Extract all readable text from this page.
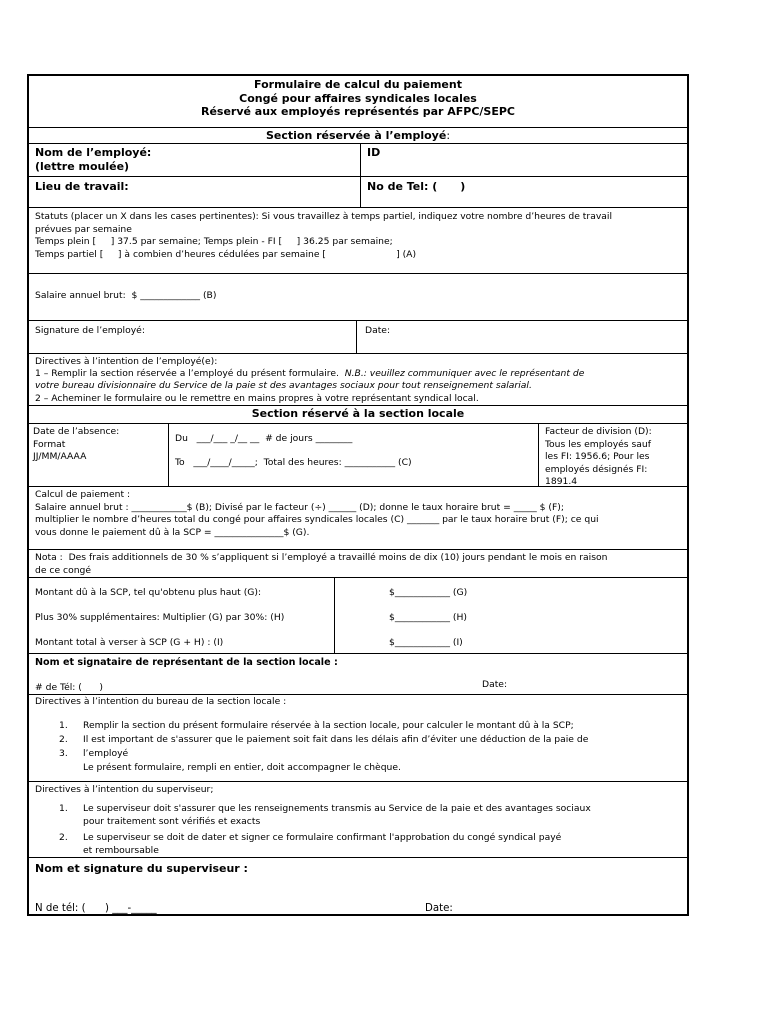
Formulaire de calcul du paiement
Congé pour affaires syndicales locales
Réservé aux employés représentés par AFPC/SEPC
Section réservée à l’employé:
Nom de l’employé:
(lettre moulée)
ID
Lieu de travail:	No de Tel: (      )
Statuts (placer un X dans les cases pertinentes): Si vous travaillez à temps partiel, indiquez votre nombre d’heures de travail
prévues par semaine
Temps plein [     ] 37.5 par semaine; Temps plein - FI [     ] 36.25 par semaine;
Temps partiel [     ] à combien d’heures cédulées par semaine [                        ] (A)
Salaire annuel brut:  $ _____________ (B)
Signature de l’employé:	Date:
Directives à l’intention de l’employé(e):
1 – Remplir la section réservée a l’employé du présent formulaire.  N.B.: veuillez communiquer avec le représentant de
votre bureau divisionnaire du Service de la paie st des avantages sociaux pour tout renseignement salarial.
2 – Acheminer le formulaire ou le remettre en mains propres à votre représentant syndical local.
Section réservé à la section locale
Date de l’absence:
Format
JJ/MM/AAAA
Du   ___/___ _/__ __  # de jours ________
To   ___/____/_____;  Total des heures: ___________ (C)
Facteur de division (D):
Tous les employés sauf
les FI: 1956.6; Pour les
employés désignés FI:
1891.4
Calcul de paiement :
Salaire annuel brut : ____________$ (B); Divisé par le facteur (÷) ______ (D); donne le taux horaire brut = _____ $ (F);
multiplier le nombre d’heures total du congé pour affaires syndicales locales (C) _______ par le taux horaire brut (F); ce qui
vous donne le paiement dû à la SCP = _______________$ (G).
Nota :  Des frais additionnels de 30 % s’appliquent si l’employé a travaillé moins de dix (10) jours pendant le mois en raison
de ce congé
Montant dû à la SCP, tel qu'obtenu plus haut (G):	$____________ (G)
Plus 30% supplémentaires: Multiplier (G) par 30%: (H)	$____________ (H)
Montant total à verser à SCP (G + H) : (I)	$____________ (I)
Nom et signataire de représentant de la section locale :
# de Tél: (      )	Date:
Directives à l’intention du bureau de la section locale :
1.
2.
3.
Remplir la section du présent formulaire réservée à la section locale, pour calculer le montant dû à la SCP;
Il est important de s'assurer que le paiement soit fait dans les délais afin d’éviter une déduction de la paie de
l’employé
Le présent formulaire, rempli en entier, doit accompagner le chèque.
Directives à l’intention du superviseur;
1. Le superviseur doit s'assurer que les renseignements transmis au Service de la paie et des avantages sociaux
pour traitement sont vérifiés et exacts
2. Le superviseur se doit de dater et signer ce formulaire confirmant l'approbation du congé syndical payé
et remboursable
Nom et signature du superviseur :
N de tél: (      ) ___-_____	Date:
